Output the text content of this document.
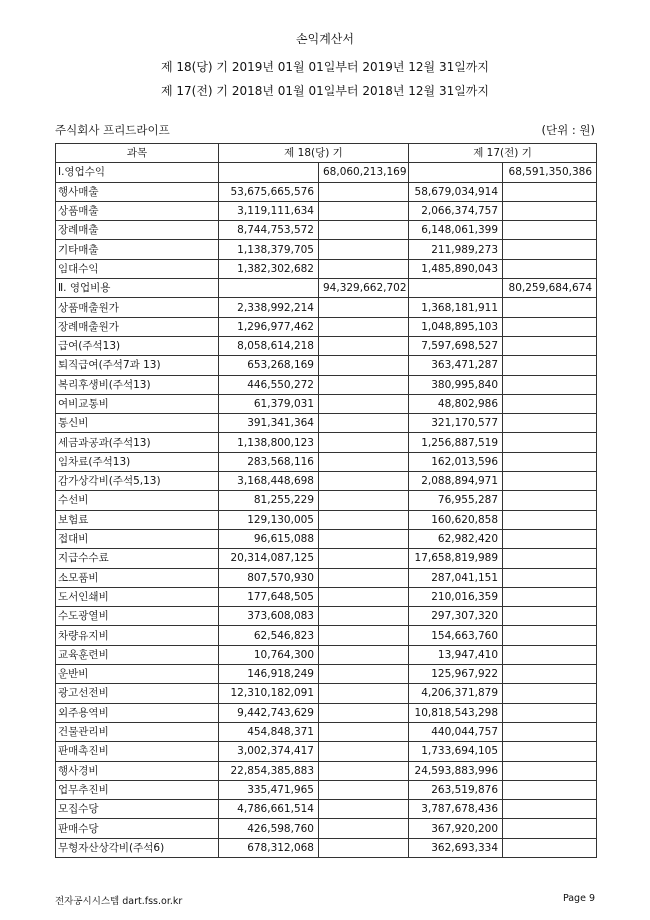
손익계산서
제 18(당) 기 2019년 01월 01일부터 2019년 12월 31일까지
제 17(전) 기 2018년 01월 01일부터 2018년 12월 31일까지
주식회사 프리드라이프	(단위 : 원)
과목	제 18(당) 기		제 17(전) 기	
Ⅰ.영업수익		68,060,213,169		68,591,350,386
행사매출	53,675,665,576		58,679,034,914	
상품매출	3,119,111,634		2,066,374,757	
장례매출	8,744,753,572		6,148,061,399	
기타매출	1,138,379,705		211,989,273	
임대수익	1,382,302,682		1,485,890,043	
Ⅱ. 영업비용		94,329,662,702		80,259,684,674
상품매출원가	2,338,992,214		1,368,181,911	
장례매출원가	1,296,977,462		1,048,895,103	
급여(주석13)	8,058,614,218		7,597,698,527	
퇴직급여(주석7과 13)	653,268,169		363,471,287	
복리후생비(주석13)	446,550,272		380,995,840	
여비교통비	61,379,031		48,802,986	
통신비	391,341,364		321,170,577	
세금과공과(주석13)	1,138,800,123		1,256,887,519	
임차료(주석13)	283,568,116		162,013,596	
감가상각비(주석5,13)	3,168,448,698		2,088,894,971	
수선비	81,255,229		76,955,287	
보험료	129,130,005		160,620,858	
접대비	96,615,088		62,982,420	
지급수수료	20,314,087,125		17,658,819,989	
소모품비	807,570,930		287,041,151	
도서인쇄비	177,648,505		210,016,359	
수도광열비	373,608,083		297,307,320	
차량유지비	62,546,823		154,663,760	
교육훈련비	10,764,300		13,947,410	
운반비	146,918,249		125,967,922	
광고선전비	12,310,182,091		4,206,371,879	
외주용역비	9,442,743,629		10,818,543,298	
건물관리비	454,848,371		440,044,757	
판매촉진비	3,002,374,417		1,733,694,105	
행사경비	22,854,385,883		24,593,883,996	
업무추진비	335,471,965		263,519,876	
모집수당	4,786,661,514		3,787,678,436	
판매수당	426,598,760		367,920,200	
무형자산상각비(주석6)	678,312,068		362,693,334	
전자공시시스템 dart.fss.or.kr	Page 9
